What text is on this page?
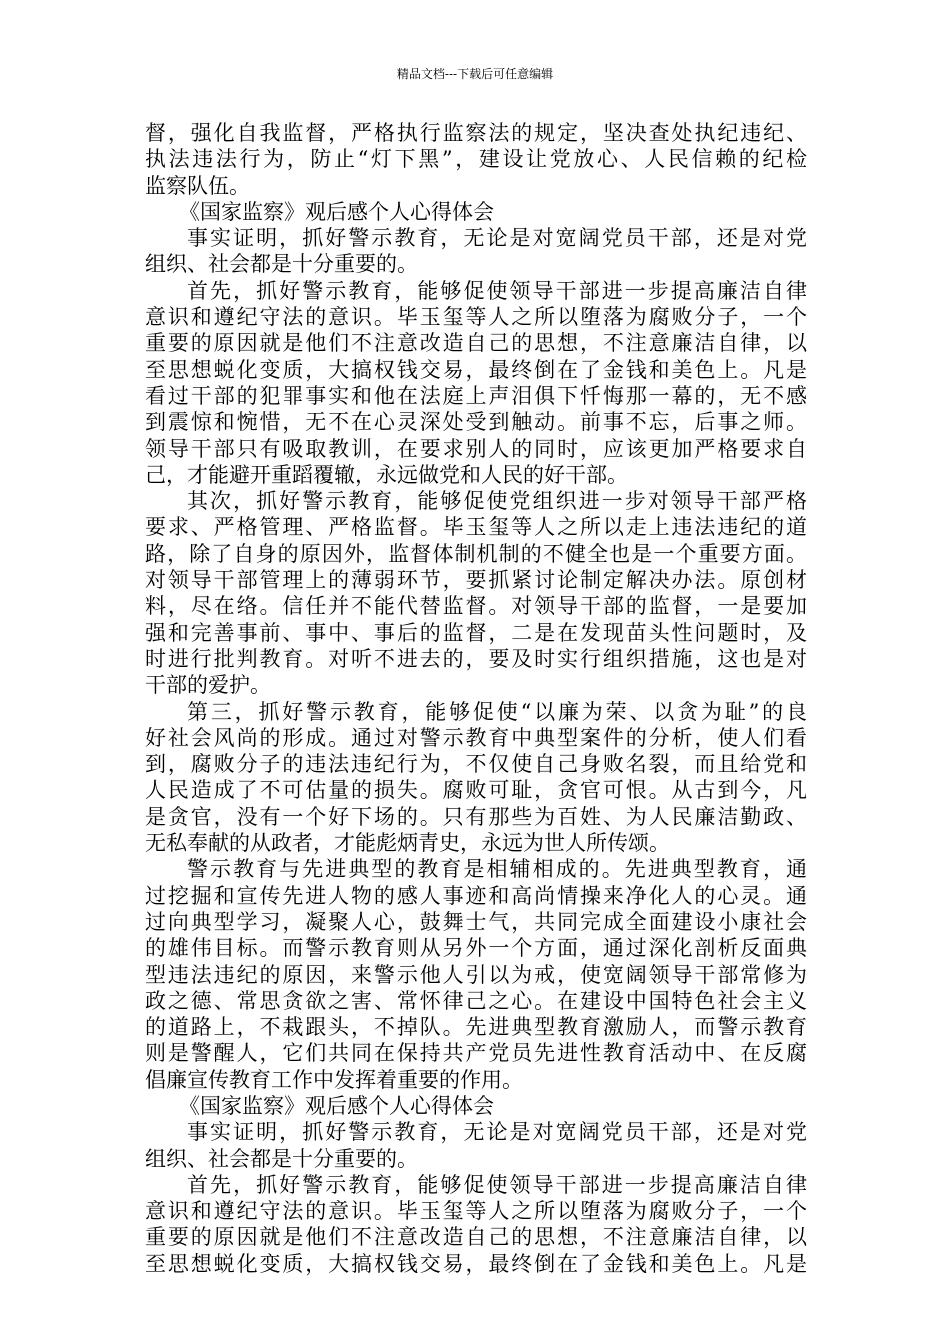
精品文档---下载后可任意编辑
督，强化自我监督，严格执行监察法的规定，坚决查处执纪违纪、
执法违法行为，防止“灯下黑”，建设让党放心、人民信赖的纪检
监察队伍。
《国家监察》观后感个人心得体会
事实证明，抓好警示教育，无论是对宽阔党员干部，还是对党
组织、社会都是十分重要的。
首先，抓好警示教育，能够促使领导干部进一步提高廉洁自律
意识和遵纪守法的意识。毕玉玺等人之所以堕落为腐败分子，一个
重要的原因就是他们不注意改造自己的思想，不注意廉洁自律，以
至思想蜕化变质，大搞权钱交易，最终倒在了金钱和美色上。凡是
看过干部的犯罪事实和他在法庭上声泪俱下忏悔那一幕的，无不感
到震惊和惋惜，无不在心灵深处受到触动。前事不忘，后事之师。
领导干部只有吸取教训，在要求别人的同时，应该更加严格要求自
己，才能避开重蹈覆辙，永远做党和人民的好干部。
其次，抓好警示教育，能够促使党组织进一步对领导干部严格
要求、严格管理、严格监督。毕玉玺等人之所以走上违法违纪的道
路，除了自身的原因外，监督体制机制的不健全也是一个重要方面。
对领导干部管理上的薄弱环节，要抓紧讨论制定解决办法。原创材
料，尽在络。信任并不能代替监督。对领导干部的监督，一是要加
强和完善事前、事中、事后的监督，二是在发现苗头性问题时，及
时进行批判教育。对听不进去的，要及时实行组织措施，这也是对
干部的爱护。
第三，抓好警示教育，能够促使“以廉为荣、以贪为耻”的良
好社会风尚的形成。通过对警示教育中典型案件的分析，使人们看
到，腐败分子的违法违纪行为，不仅使自己身败名裂，而且给党和
人民造成了不可估量的损失。腐败可耻，贪官可恨。从古到今，凡
是贪官，没有一个好下场的。只有那些为百姓、为人民廉洁勤政、
无私奉献的从政者，才能彪炳青史，永远为世人所传颂。
警示教育与先进典型的教育是相辅相成的。先进典型教育，通
过挖掘和宣传先进人物的感人事迹和高尚情操来净化人的心灵。通
过向典型学习，凝聚人心，鼓舞士气，共同完成全面建设小康社会
的雄伟目标。而警示教育则从另外一个方面，通过深化剖析反面典
型违法违纪的原因，来警示他人引以为戒，使宽阔领导干部常修为
政之德、常思贪欲之害、常怀律己之心。在建设中国特色社会主义
的道路上，不栽跟头，不掉队。先进典型教育激励人，而警示教育
则是警醒人，它们共同在保持共产党员先进性教育活动中、在反腐
倡廉宣传教育工作中发挥着重要的作用。
《国家监察》观后感个人心得体会
事实证明，抓好警示教育，无论是对宽阔党员干部，还是对党
组织、社会都是十分重要的。
首先，抓好警示教育，能够促使领导干部进一步提高廉洁自律
意识和遵纪守法的意识。毕玉玺等人之所以堕落为腐败分子，一个
重要的原因就是他们不注意改造自己的思想，不注意廉洁自律，以
至思想蜕化变质，大搞权钱交易，最终倒在了金钱和美色上。凡是
